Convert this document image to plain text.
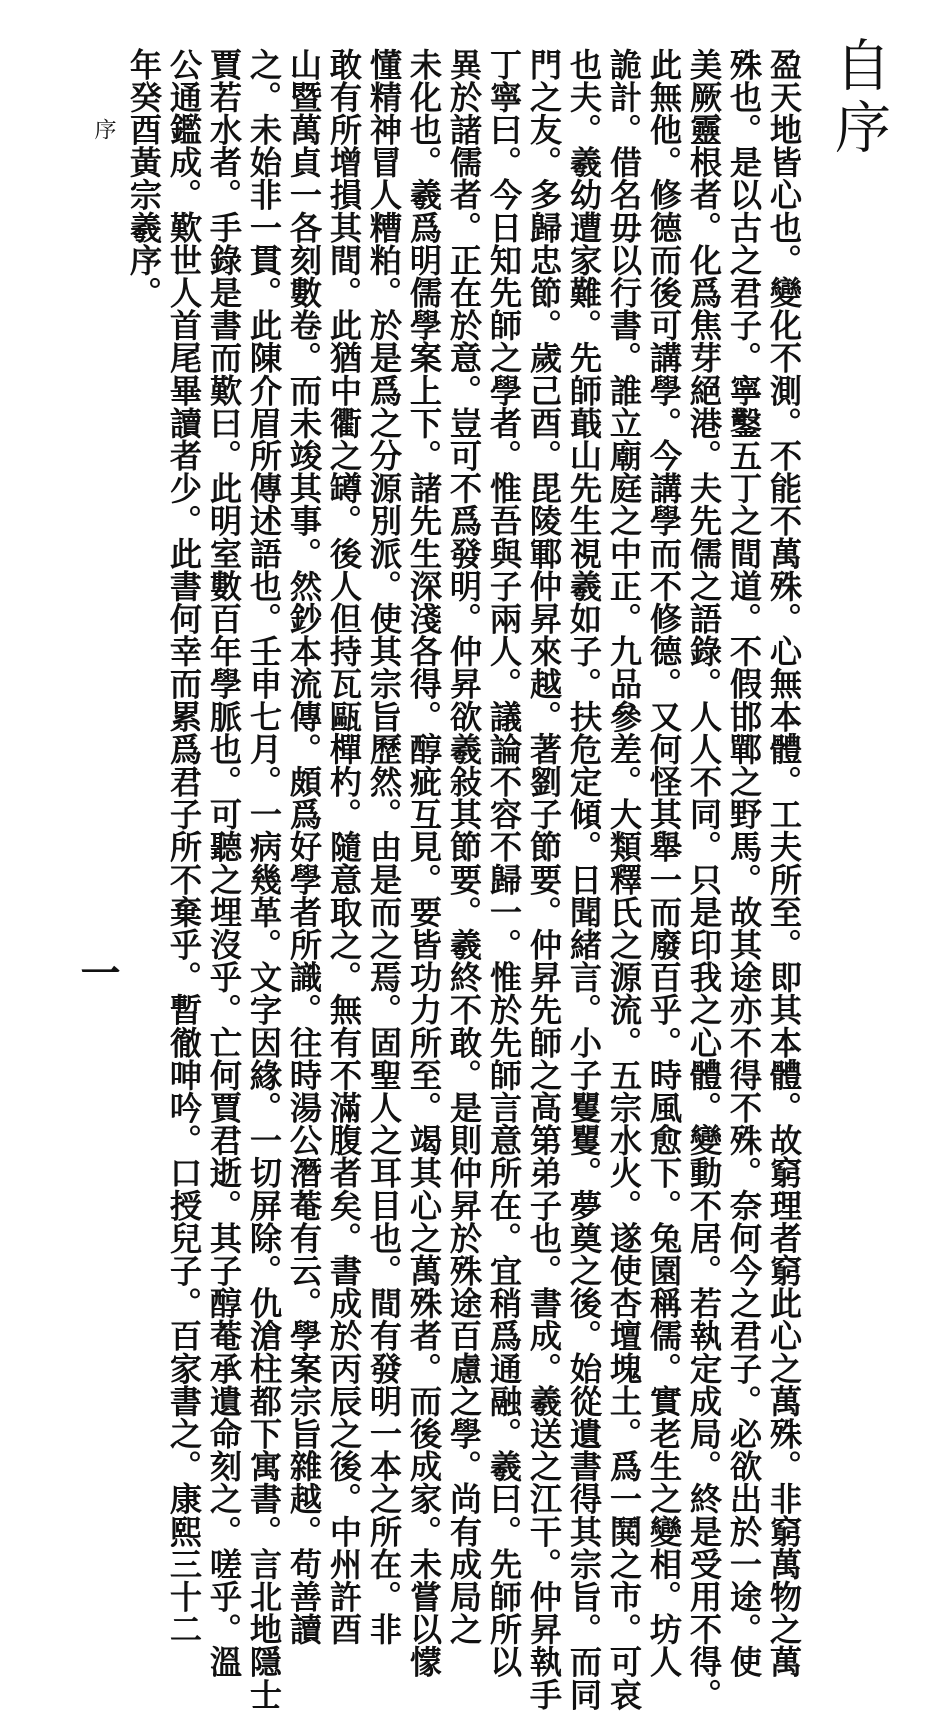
自序
盈天地皆心也。變化不測。不能不萬殊。心無本體。工夫所至。即其本體。故窮理者窮此心之萬殊。非窮萬物之萬
殊也。是以古之君子。寧鑿五丁之間道。不假邯鄲之野馬。故其途亦不得不殊。奈何今之君子。必欲出於一途。使
美厥靈根者。化爲焦芽絕港。夫先儒之語錄。人人不同。只是印我之心體。變動不居。若執定成局。終是受用不得。
此無他。修德而後可講學。今講學而不修德。又何怪其舉一而廢百乎。時風愈下。兔園稱儒。實老生之變相。坊人
詭計。借名毋以行書。誰立廟庭之中正。九品參差。大類釋氏之源流。五宗水火。遂使杏壇塊土。爲一鬨之市。可哀
也夫。羲幼遭家難。先師蕺山先生視羲如子。扶危定傾。日聞緒言。小子矍矍。夢奠之後。始從遺書得其宗旨。而同
門之友。多歸忠節。歲己酉。毘陵鄆仲昇來越。著劉子節要。仲昇先師之高第弟子也。書成。羲送之江干。仲昇執手
丁寧曰。今日知先師之學者。惟吾與子兩人。議論不容不歸一。惟於先師言意所在。宜稍爲通融。羲曰。先師所以
異於諸儒者。正在於意。豈可不爲發明。仲昇欲羲敍其節要。羲終不敢。是則仲昇於殊途百慮之學。尚有成局之
未化也。羲爲明儒學案上下。諸先生深淺各得。醇疵互見。要皆功力所至。竭其心之萬殊者。而後成家。未嘗以懞
懂精神冒人糟粕。於是爲之分源別派。使其宗旨歷然。由是而之焉。固聖人之耳目也。間有發明一本之所在。非
敢有所增損其間。此猶中衢之罇。後人但持瓦甌樿杓。隨意取之。無有不滿腹者矣。書成於丙辰之後。中州許酉
山暨萬貞一各刻數卷。而未竣其事。然鈔本流傳。頗爲好學者所識。往時湯公潛菴有云。學案宗旨雜越。苟善讀
之。未始非一貫。此陳介眉所傳述語也。壬申七月。一病幾革。文字因緣。一切屏除。仇滄柱都下寓書。言北地隱士
賈若水者。手錄是書而歎曰。此明室數百年學脈也。可聽之埋沒乎。亡何賈君逝。其子醇菴承遺命刻之。嗟乎。溫
公通鑑成。歎世人首尾畢讀者少。此書何幸而累爲君子所不棄乎。暫徹呻吟。口授兒子。百家書之。康熙三十二
年癸酉黃宗羲序。
序
一
